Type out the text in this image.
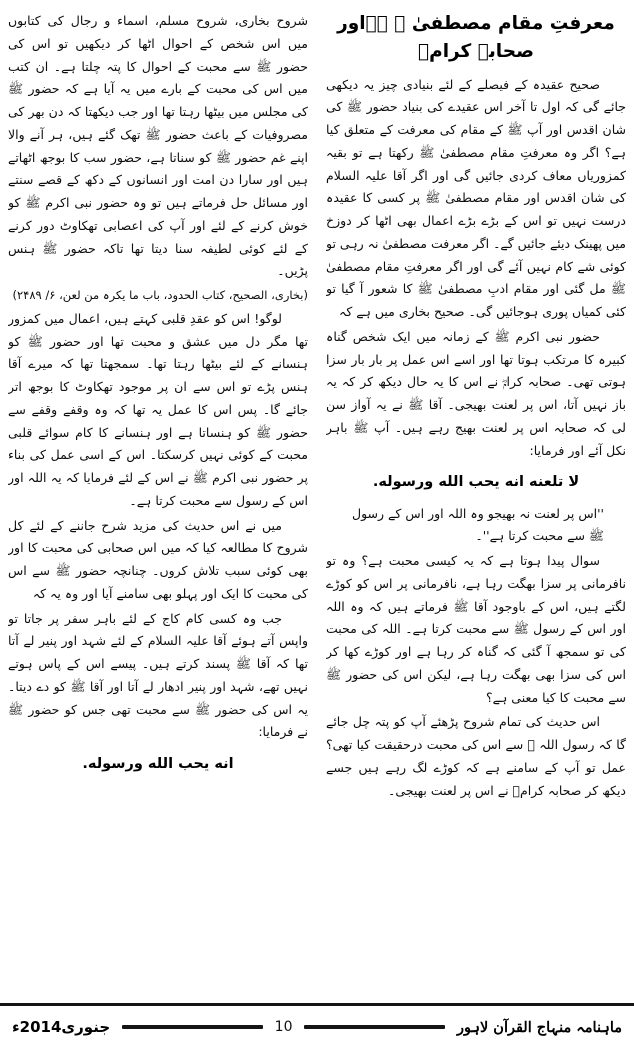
معرفتِ مقام مصطفیٰ ﷺ ۔۔اور صحابہ کرامؓ

صحیح عقیدہ کے فیصلے کے لئے بنیادی چیز یہ دیکھی جائے گی کہ اول تا آخر اس عقیدے کی بنیاد حضور ﷺ کی شان اقدس اور آپ ﷺ کے مقام کی معرفت کے متعلق کیا ہے؟ اگر وہ معرفتِ مقام مصطفیٰ ﷺ رکھتا ہے تو بقیہ کمزوریاں معاف کردی جائیں گی اور اگر آقا علیہ السلام کی شان اقدس اور مقام مصطفیٰ ﷺ پر کسی کا عقیدہ درست نہیں تو اس کے بڑے بڑے اعمال بھی اٹھا کر دوزخ میں پھینک دیئے جائیں گے۔ اگر معرفت مصطفیٰ نہ رہی تو کوئی شے کام نہیں آئے گی اور اگر معرفتِ مقام مصطفیٰ ﷺ مل گئی اور مقام ادبِ مصطفیٰ ﷺ کا شعور آ گیا تو کئی کمیاں پوری ہوجائیں گی۔ صحیح بخاری میں ہے کہ

حضور نبی اکرم ﷺ کے زمانہ میں ایک شخص گناہ کبیرہ کا مرتکب ہوتا تھا اور اسے اس عمل پر بار بار سزا ہوتی تھی۔ صحابہ کرامؓ نے اس کا یہ حال دیکھ کر کہ یہ باز نہیں آتا، اس پر لعنت بھیجی۔ آقا ﷺ نے یہ آواز سن لی کہ صحابہ اس پر لعنت بھیج رہے ہیں۔ آپ ﷺ باہر نکل آئے اور فرمایا:

لا تلعنه انه يحب الله ورسوله.

''اس پر لعنت نہ بھیجو وہ اللہ اور اس کے رسول ﷺ سے محبت کرتا ہے''۔

سوال پیدا ہوتا ہے کہ یہ کیسی محبت ہے؟ وہ تو نافرمانی پر سزا بھگت رہا ہے، نافرمانی پر اس کو کوڑے لگتے ہیں، اس کے باوجود آقا ﷺ فرماتے ہیں کہ وہ اللہ اور اس کے رسول ﷺ سے محبت کرتا ہے۔ اللہ کی محبت کی تو سمجھ آ گئی کہ گناہ کر رہا ہے اور کوڑے کھا کر اس کی سزا بھی بھگت رہا ہے، لیکن اس کی حضور ﷺ سے محبت کا کیا معنی ہے؟

اس حدیث کی تمام شروح پڑھئے آپ کو پتہ چل جائے گا کہ رسول اللہ ﷺ سے اس کی محبت درحقیقت کیا تھی؟ عمل تو آپ کے سامنے ہے کہ کوڑے لگ رہے ہیں جسے دیکھ کر صحابہ کرامؓ نے اس پر لعنت بھیجی۔

شروح بخاری، شروح مسلم، اسماء و رجال کی کتابوں میں اس شخص کے احوال اٹھا کر دیکھیں تو اس کی حضور ﷺ سے محبت کے احوال کا پتہ چلتا ہے۔ ان کتب میں اس کی محبت کے بارے میں یہ آیا ہے کہ حضور ﷺ کی مجلس میں بیٹھا رہتا تھا اور جب دیکھتا کہ دن بھر کی مصروفیات کے باعث حضور ﷺ تھک گئے ہیں، ہر آنے والا اپنے غم حضور ﷺ کو سناتا ہے، حضور سب کا بوجھ اٹھاتے ہیں اور سارا دن امت اور انسانوں کے دکھ کے قصے سنتے اور مسائل حل فرماتے ہیں تو وہ حضور نبی اکرم ﷺ کو خوش کرنے کے لئے اور آپ کی اعصابی تھکاوٹ دور کرنے کے لئے کوئی لطیفہ سنا دیتا تھا تاکہ حضور ﷺ ہنس پڑیں۔

(بخاری، الصحیح، کتاب الحدود، باب ما یکرہ من لعن، ۶/ ۲۴۸۹)

لوگو! اس کو عقدِ قلبی کہتے ہیں، اعمال میں کمزور تھا مگر دل میں عشق و محبت تھا اور حضور ﷺ کو ہنسانے کے لئے بیٹھا رہتا تھا۔ سمجھتا تھا کہ میرے آقا ہنس پڑے تو اس سے ان پر موجود تھکاوٹ کا بوجھ اتر جائے گا۔ پس اس کا عمل یہ تھا کہ وہ وقفے وقفے سے حضور ﷺ کو ہنساتا ہے اور ہنسانے کا کام سوائے قلبی محبت کے کوئی نہیں کرسکتا۔ اس کے اسی عمل کی بناء پر حضور نبی اکرم ﷺ نے اس کے لئے فرمایا کہ یہ اللہ اور اس کے رسول سے محبت کرتا ہے۔

میں نے اس حدیث کی مزید شرح جاننے کے لئے کل شروح کا مطالعہ کیا کہ میں اس صحابی کی محبت کا اور بھی کوئی سبب تلاش کروں۔ چنانچہ حضور ﷺ سے اس کی محبت کا ایک اور پہلو بھی سامنے آیا اور وہ یہ کہ

جب وہ کسی کام کاج کے لئے باہر سفر پر جاتا تو واپس آتے ہوئے آقا علیہ السلام کے لئے شہد اور پنیر لے آتا تھا کہ آقا ﷺ پسند کرتے ہیں۔ پیسے اس کے پاس ہوتے نہیں تھے، شہد اور پنیر ادھار لے آتا اور آقا ﷺ کو دے دیتا۔ یہ اس کی حضور ﷺ سے محبت تھی جس کو حضور ﷺ نے فرمایا:

انه يحب الله ورسوله.

ماہنامہ منہاج القرآن لاہور
10
جنوری2014ء
